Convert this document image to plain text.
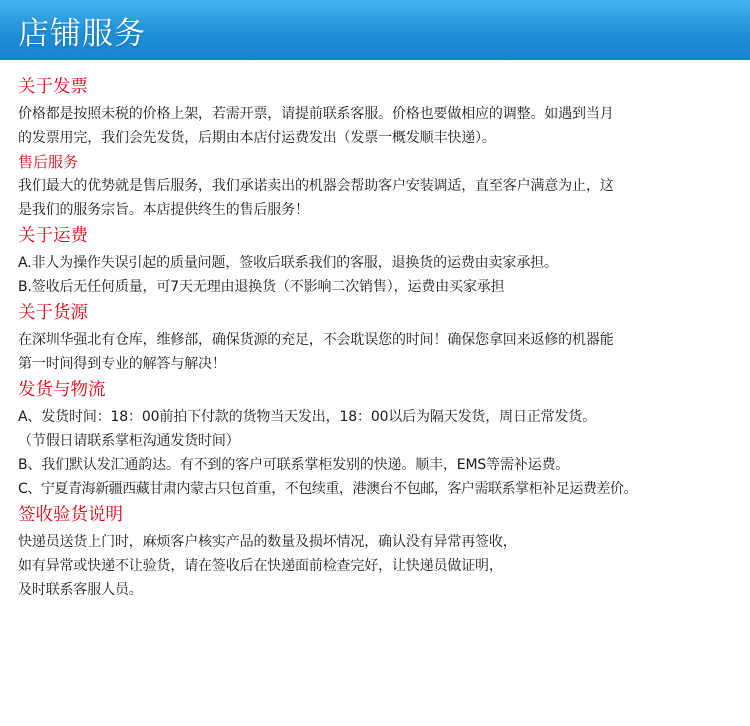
店铺服务
关于发票
价格都是按照未税的价格上架，若需开票，请提前联系客服。价格也要做相应的调整。如遇到当月
的发票用完，我们会先发货，后期由本店付运费发出（发票一概发顺丰快递）。
售后服务
我们最大的优势就是售后服务，我们承诺卖出的机器会帮助客户安装调适，直至客户满意为止，这
是我们的服务宗旨。本店提供终生的售后服务！
关于运费
A.非人为操作失误引起的质量问题，签收后联系我们的客服，退换货的运费由卖家承担。
B.签收后无任何质量，可7天无理由退换货（不影响二次销售），运费由买家承担
关于货源
在深圳华强北有仓库，维修部，确保货源的充足，不会耽误您的时间！确保您拿回来返修的机器能
第一时间得到专业的解答与解决！
发货与物流
A、发货时间：18：00前拍下付款的货物当天发出，18：00以后为隔天发货，周日正常发货。
（节假日请联系掌柜沟通发货时间）
B、我们默认发汇通韵达。有不到的客户可联系掌柜发别的快递。顺丰，EMS等需补运费。
C、宁夏青海新疆西藏甘肃内蒙古只包首重，不包续重，港澳台不包邮，客户需联系掌柜补足运费差价。
签收验货说明
快递员送货上门时，麻烦客户核实产品的数量及损坏情况，确认没有异常再签收，
如有异常或快递不让验货，请在签收后在快递面前检查完好，让快递员做证明，
及时联系客服人员。
